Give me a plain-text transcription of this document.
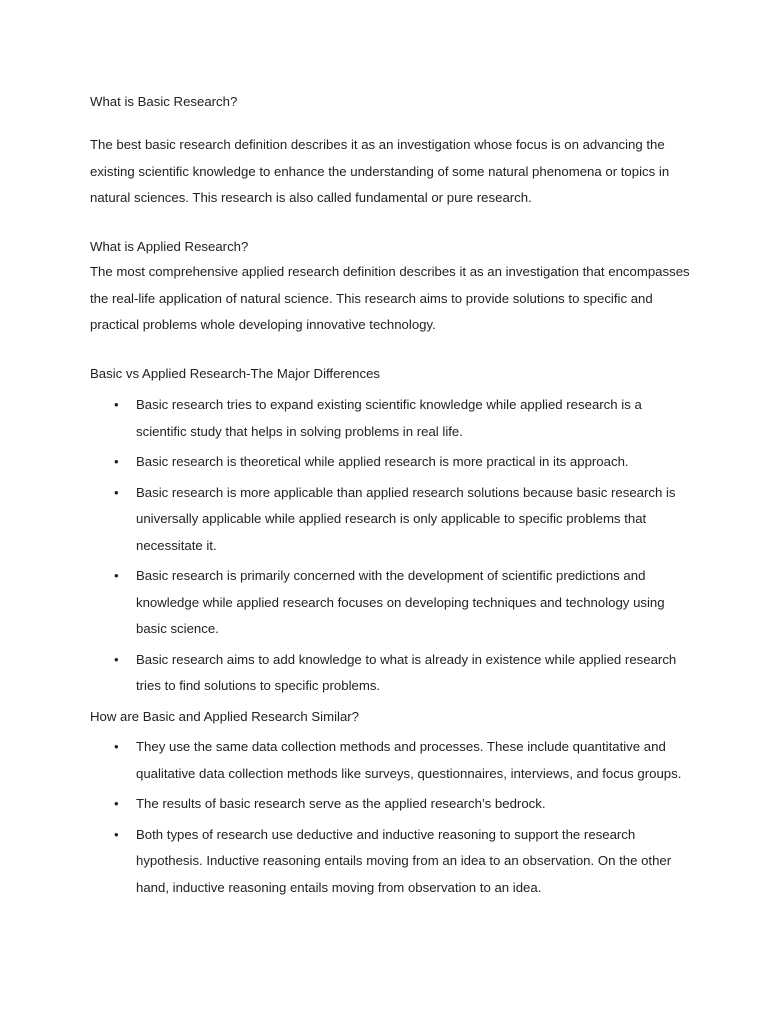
What is Basic Research?

The best basic research definition describes it as an investigation whose focus is on advancing the existing scientific knowledge to enhance the understanding of some natural phenomena or topics in natural sciences. This research is also called fundamental or pure research.

What is Applied Research?

The most comprehensive applied research definition describes it as an investigation that encompasses the real-life application of natural science. This research aims to provide solutions to specific and practical problems whole developing innovative technology.

Basic vs Applied Research-The Major Differences

• Basic research tries to expand existing scientific knowledge while applied research is a scientific study that helps in solving problems in real life.
• Basic research is theoretical while applied research is more practical in its approach.
• Basic research is more applicable than applied research solutions because basic research is universally applicable while applied research is only applicable to specific problems that necessitate it.
• Basic research is primarily concerned with the development of scientific predictions and knowledge while applied research focuses on developing techniques and technology using basic science.
• Basic research aims to add knowledge to what is already in existence while applied research tries to find solutions to specific problems.

How are Basic and Applied Research Similar?

• They use the same data collection methods and processes. These include quantitative and qualitative data collection methods like surveys, questionnaires, interviews, and focus groups.
• The results of basic research serve as the applied research’s bedrock.
• Both types of research use deductive and inductive reasoning to support the research hypothesis. Inductive reasoning entails moving from an idea to an observation. On the other hand, inductive reasoning entails moving from observation to an idea.
